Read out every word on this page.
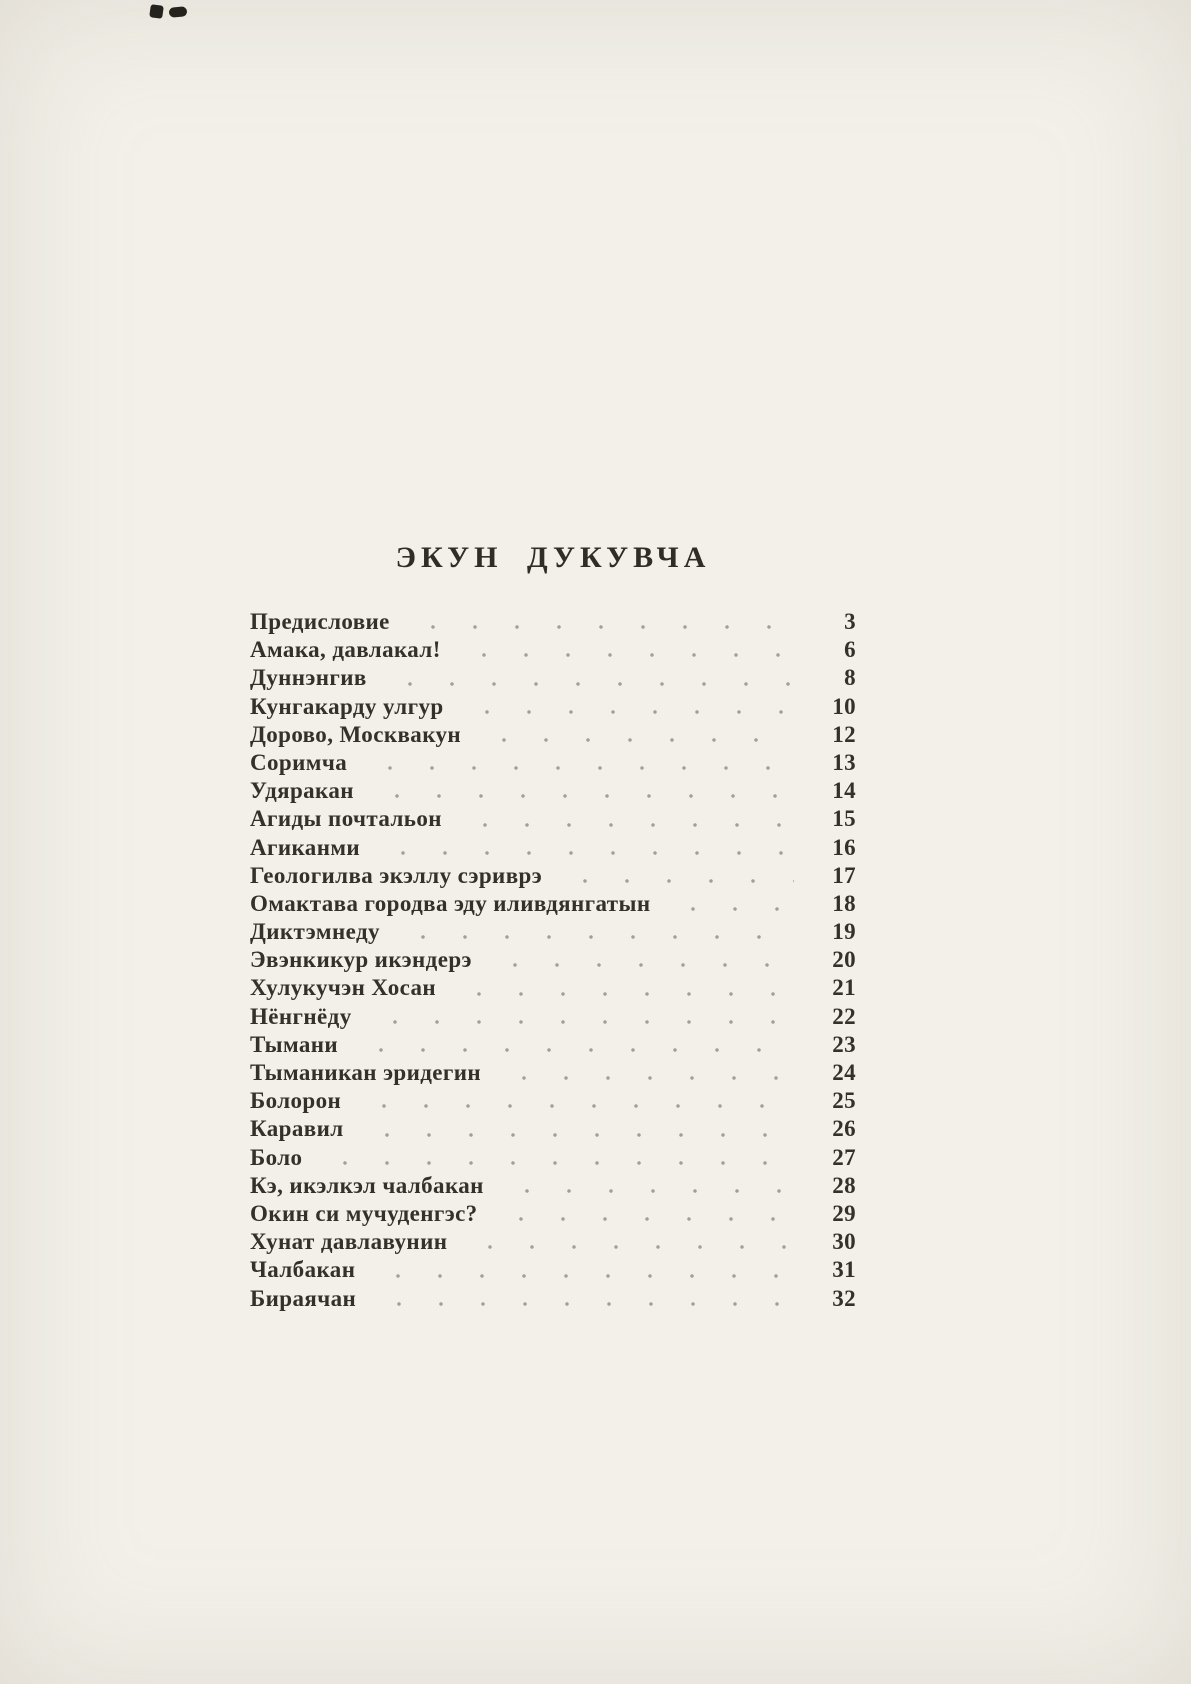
ЭКУН ДУКУВЧА
Предисловие	3
Амака, давлакал!	6
Дуннэнгив	8
Кунгакарду улгур	10
Дорово, Москвакун	12
Соримча	13
Удяракан	14
Агиды почтальон	15
Агиканми	16
Геологилва экэллу сэриврэ	17
Омактава городва эду иливдянгатын	18
Диктэмнеду	19
Эвэнкикур икэндерэ	20
Хулукучэн Хосан	21
Нёнгнёду	22
Тымани	23
Тыманикан эридегин	24
Болорон	25
Каравил	26
Боло	27
Кэ, икэлкэл чалбакан	28
Окин си мучуденгэс?	29
Хунат давлавунин	30
Чалбакан	31
Бираячан	32
